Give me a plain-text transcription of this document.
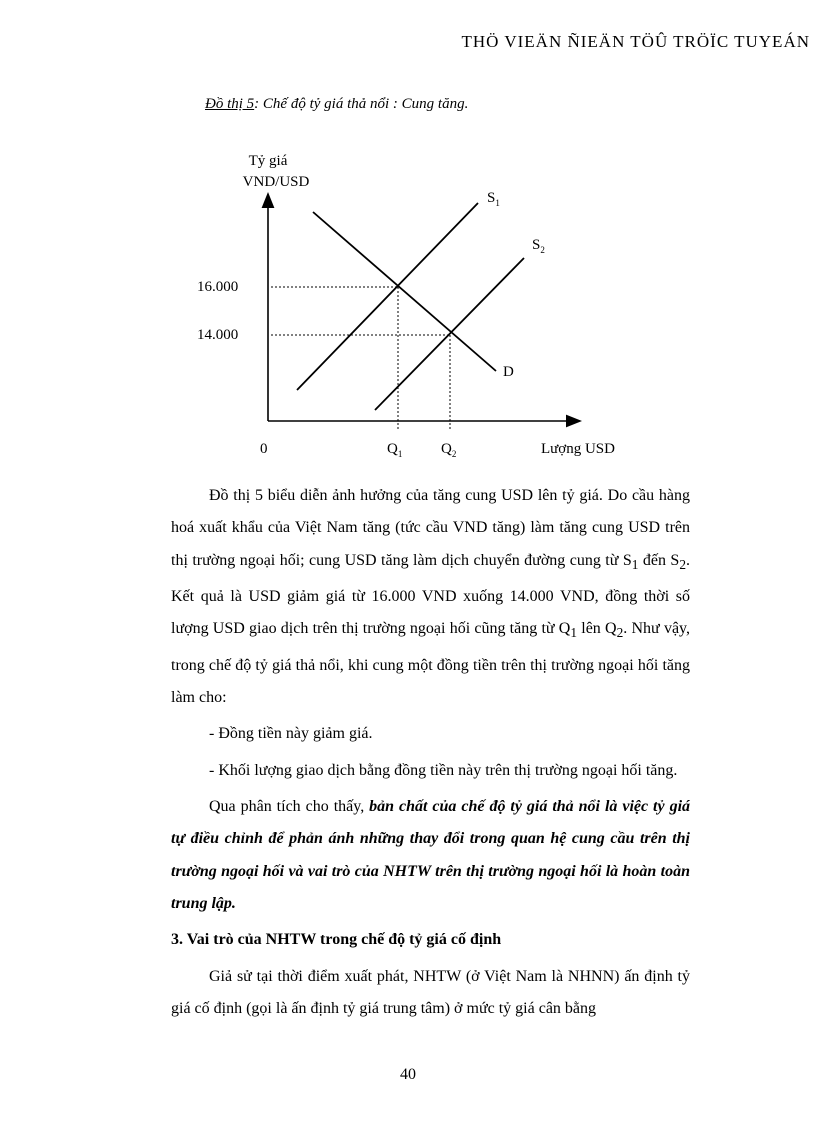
THÖ VIEÄN ÑIEÄN TÖÛ TRÖÏC TUYEÁN
Đồ thị 5: Chế độ tỷ giá thả nổi : Cung tăng.
Tỷ giá
VND/USD
$S_1$
$S_2$
D
16.000
14.000
0	$Q_1$	$Q_2$	Lượng USD

Đồ thị 5 biểu diễn ảnh hưởng của tăng cung USD lên tỷ giá. Do cầu hàng hoá xuất khẩu của Việt Nam tăng (tức cầu VND tăng) làm tăng cung USD trên thị trường ngoại hối; cung USD tăng làm dịch chuyển đường cung từ $S_1$ đến $S_2$. Kết quả là USD giảm giá từ 16.000 VND xuống 14.000 VND, đồng thời số lượng USD giao dịch trên thị trường ngoại hối cũng tăng từ $Q_1$ lên $Q_2$. Như vậy, trong chế độ tỷ giá thả nổi, khi cung một đồng tiền trên thị trường ngoại hối tăng làm cho:

- Đồng tiền này giảm giá.

- Khối lượng giao dịch bằng đồng tiền này trên thị trường ngoại hối tăng.

Qua phân tích cho thấy, bản chất của chế độ tỷ giá thả nổi là việc tỷ giá tự điều chỉnh để phản ánh những thay đổi trong quan hệ cung cầu trên thị trường ngoại hối và vai trò của NHTW trên thị trường ngoại hối là hoàn toàn trung lập.

3. Vai trò của NHTW trong chế độ tỷ giá cố định

Giả sử tại thời điểm xuất phát, NHTW (ở Việt Nam là NHNN) ấn định tỷ giá cố định (gọi là ấn định tỷ giá trung tâm) ở mức tỷ giá cân bằng

40
